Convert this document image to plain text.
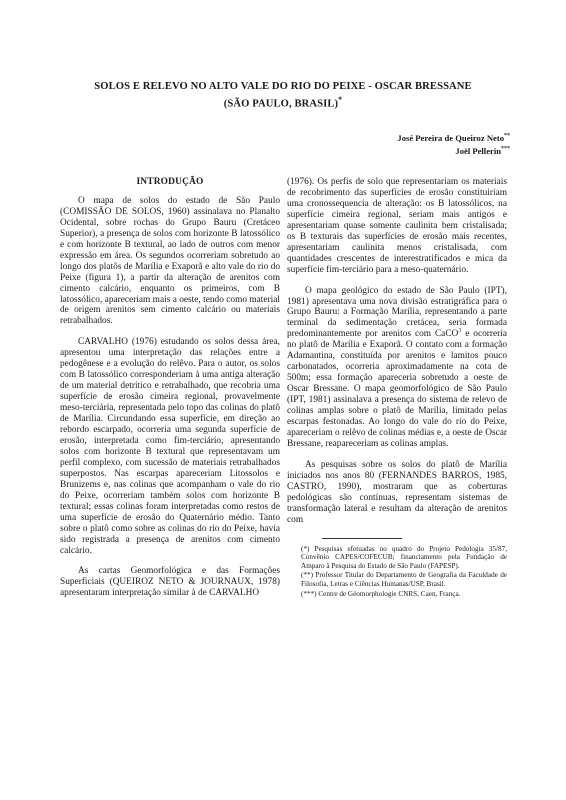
SOLOS E RELEVO NO ALTO VALE DO RIO DO PEIXE - OSCAR BRESSANE
(SÃO PAULO, BRASIL)*
José Pereira de Queiroz Neto**
Joël Pellerin***
INTRODUÇÃO

O mapa de solos do estado de São Paulo (COMISSÃO DE SOLOS, 1960) assinalava no Planalto Ocidental, sobre rochas do Grupo Bauru (Cretáceo Superior), a presença de solos com horizonte B latossólico e com horizonte B textural, ao lado de outros com menor expressão em área. Os segundos ocorreriam sobretudo ao longo dos platôs de Marília e Exaporã e alto vale do rio do Peixe (figura 1), a partir da alteração de arenitos com cimento calcário, enquanto os primeiros, com B latossólico, apareceriam mais a oeste, tendo como material de origem arenitos sem cimento calcário ou materiais retrabalhados.

CARVALHO (1976) estudando os solos dessa área, apresentou uma interpretação das relações entre a pedogênese e a evolução do relêvo. Para o autor, os solos com B latossólico corresponderiam à uma antiga alteração de um material detrítico e retrabalhado, que recobria uma superfície de erosão cimeira regional, provavelmente meso-terciária, representada pelo topo das colinas do platô de Marília. Circundando essa superfície, em direção ao rebordo escarpado, ocorreria uma segunda superfície de erosão, interpretada como fim-terciário, apresentando solos com horizonte B textural que representavam um perfil complexo, com sucessão de materiais retrabalhados superpostos. Nas escarpas apareceriam Litossolos e Brunizems e, nas colinas que acompanham o vale do rio do Peixe, ocorreriam também solos com horizonte B textural; essas colinas foram interpretadas como restos de uma superfície de erosão do Quaternário médio. Tanto sobre o platô como sobre as colinas do rio do Peixe, havia sido registrada a presença de arenitos com cimento calcário.

As cartas Geomorfológica e das Formações Superficiais (QUEIROZ NETO & JOURNAUX, 1978) apresentaram interpretação similar à de CARVALHO

(1976). Os perfis de solo que representariam os materiais de recobrimento das superfícies de erosão constituiriam uma cronossequencia de alteração: os B latossólicos, na superfície cimeira regional, seriam mais antigos e apresentariam quase somente caulinita bem cristalisada; os B texturais das superfícies de erosão mais recentes, apresentariam caulinita menos cristalisada, com quantidades crescentes de interestratificados e mica da superfície fim-terciário para a meso-quaternário.

O mapa geológico do estado de São Paulo (IPT), 1981) apresentava uma nova divisão estratigráfica para o Grupo Bauru: a Formação Marília, representando a parte terminal da sedimentação cretácea, seria formada predominantemente por arenitos com CaCO$^3$ e ocorreria no platô de Marília e Exaporã. O contato com a formação Adamantina, constituída por arenitos e lamitos pouco carbonatados, ocorreria aproximadamente na cota de 500m; essa formação apareceria sobretudo a oeste de Oscar Bressane. O mapa geomorfológico de São Paulo (IPT, 1981) assinalava a presença do sistema de relevo de colinas amplas sobre o platô de Marília, limitado pelas escarpas festonadas. Ao longo do vale do rio do Peixe, apareceriam o relêvo de colinas médias e, a oeste de Oscar Bressane, reapareceriam as colinas amplas.

As pesquisas sobre os solos do platô de Marília iniciados nos anos 80 (FERNANDES BARROS, 1985, CASTRO, 1990), mostraram que as coberturas pedológicas são contínuas, representam sistemas de transformação lateral e resultam da alteração de arenitos com

(*) Pesquisas efetuadas no quadro do Projeto Pedologia 35/87, Convênio CAPES/COFECUB; financiamento pela Fundação de Amparo à Pesquisa do Estado de São Paulo (FAPESP).

(**) Professor Titular do Departamento de Geografia da Faculdade de Filosofia, Letras e Ciências Humanas/USP, Brasil.

(***) Centre de Géomorphologie CNRS, Caen, França.
